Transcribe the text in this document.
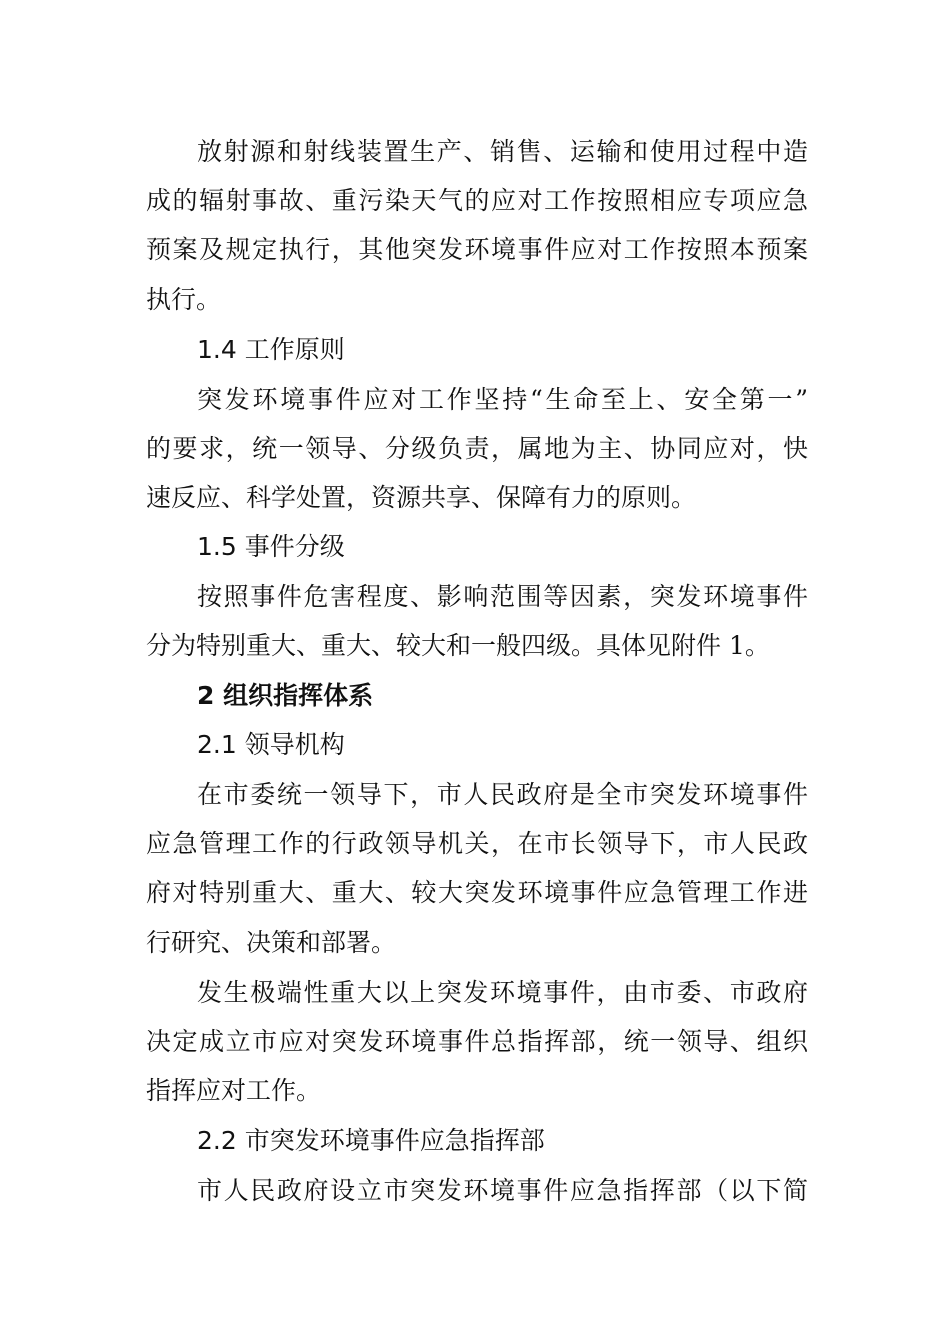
放射源和射线装置生产、销售、运输和使用过程中造
成的辐射事故、重污染天气的应对工作按照相应专项应急
预案及规定执行，其他突发环境事件应对工作按照本预案
执行。
1.4 工作原则
突发环境事件应对工作坚持“生命至上、安全第一”
的要求，统一领导、分级负责，属地为主、协同应对，快
速反应、科学处置，资源共享、保障有力的原则。
1.5 事件分级
按照事件危害程度、影响范围等因素，突发环境事件
分为特别重大、重大、较大和一般四级。具体见附件 1。
2 组织指挥体系
2.1 领导机构
在市委统一领导下，市人民政府是全市突发环境事件
应急管理工作的行政领导机关，在市长领导下，市人民政
府对特别重大、重大、较大突发环境事件应急管理工作进
行研究、决策和部署。
发生极端性重大以上突发环境事件，由市委、市政府
决定成立市应对突发环境事件总指挥部，统一领导、组织
指挥应对工作。
2.2 市突发环境事件应急指挥部
市人民政府设立市突发环境事件应急指挥部（以下简
